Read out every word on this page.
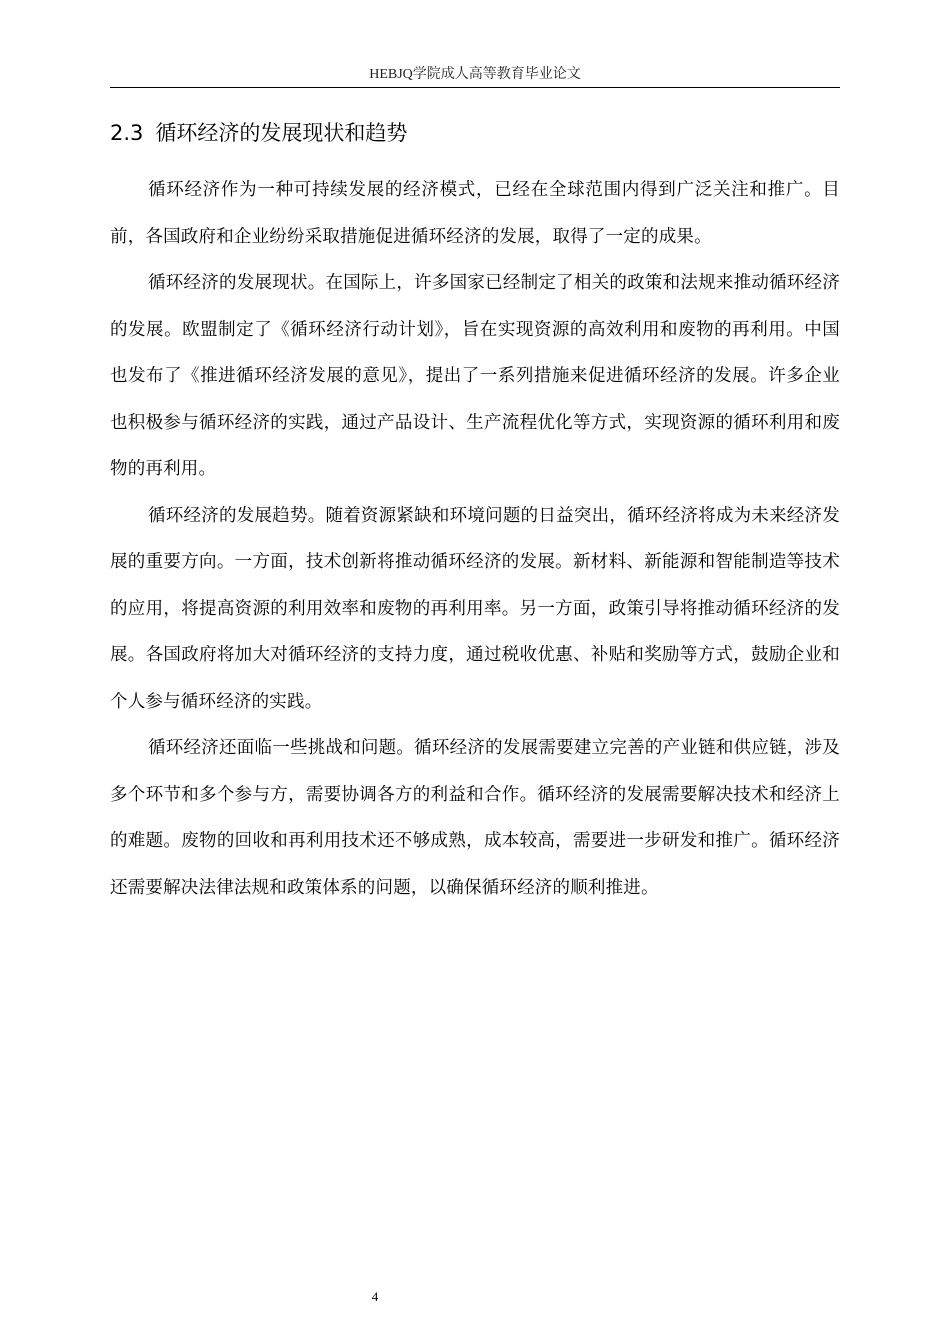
HEBJQ学院成人高等教育毕业论文
2.3 循环经济的发展现状和趋势

循环经济作为一种可持续发展的经济模式，已经在全球范围内得到广泛关注和推广。目前，各国政府和企业纷纷采取措施促进循环经济的发展，取得了一定的成果。

循环经济的发展现状。在国际上，许多国家已经制定了相关的政策和法规来推动循环经济的发展。欧盟制定了《循环经济行动计划》，旨在实现资源的高效利用和废物的再利用。中国也发布了《推进循环经济发展的意见》，提出了一系列措施来促进循环经济的发展。许多企业也积极参与循环经济的实践，通过产品设计、生产流程优化等方式，实现资源的循环利用和废物的再利用。

循环经济的发展趋势。随着资源紧缺和环境问题的日益突出，循环经济将成为未来经济发展的重要方向。一方面，技术创新将推动循环经济的发展。新材料、新能源和智能制造等技术的应用，将提高资源的利用效率和废物的再利用率。另一方面，政策引导将推动循环经济的发展。各国政府将加大对循环经济的支持力度，通过税收优惠、补贴和奖励等方式，鼓励企业和个人参与循环经济的实践。

循环经济还面临一些挑战和问题。循环经济的发展需要建立完善的产业链和供应链，涉及多个环节和多个参与方，需要协调各方的利益和合作。循环经济的发展需要解决技术和经济上的难题。废物的回收和再利用技术还不够成熟，成本较高，需要进一步研发和推广。循环经济还需要解决法律法规和政策体系的问题，以确保循环经济的顺利推进。

4
